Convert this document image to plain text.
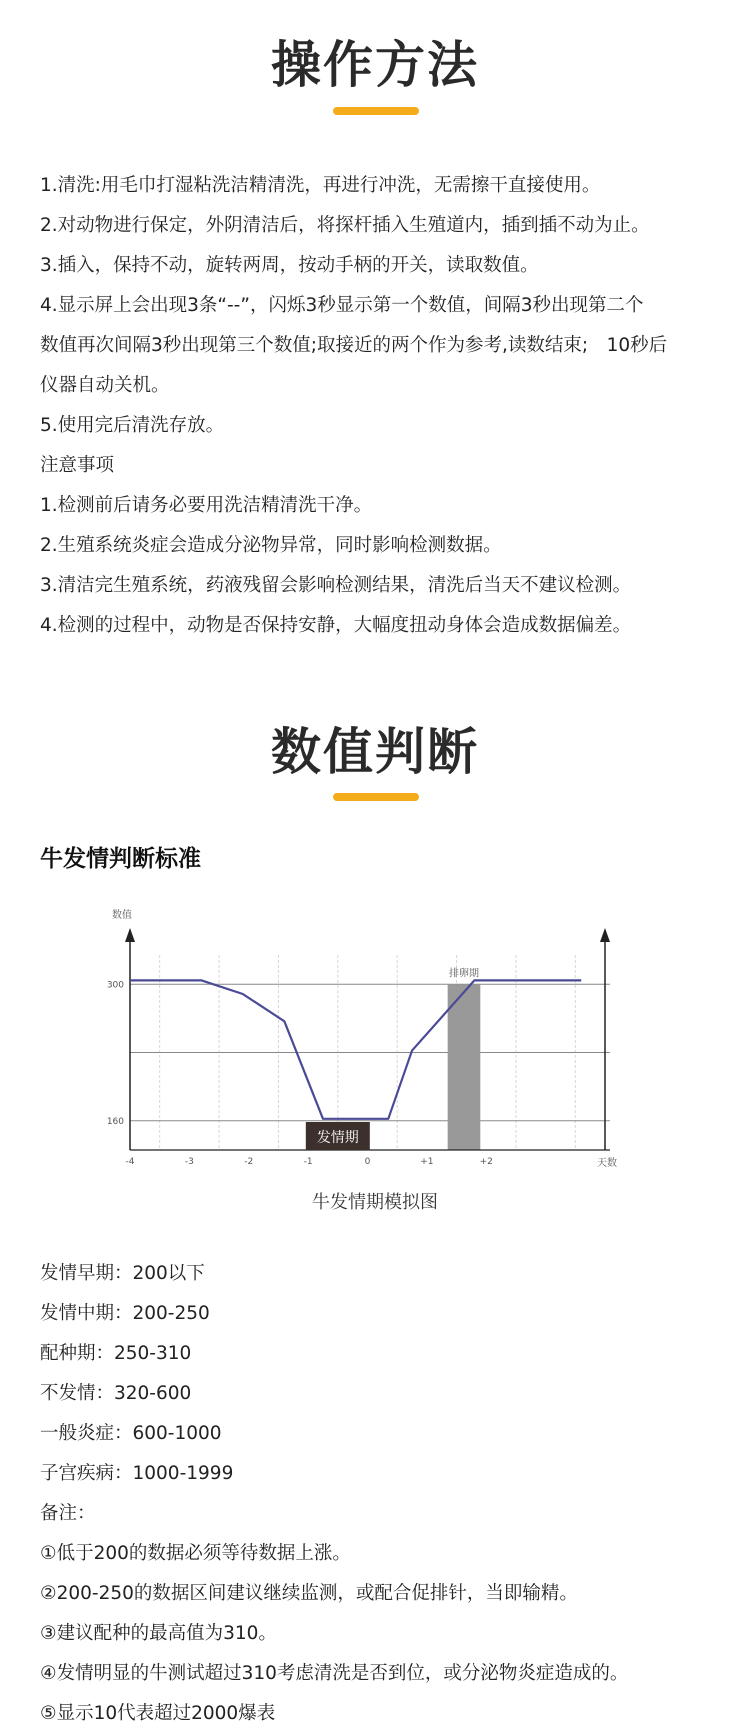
操作方法
1.清洗:用毛巾打湿粘洗洁精清洗，再进行冲洗，无需擦干直接使用。
2.对动物进行保定，外阴清洁后，将探杆插入生殖道内，插到插不动为止。
3.插入，保持不动，旋转两周，按动手柄的开关，读取数值。
4.显示屏上会出现3条“--”，闪烁3秒显示第一个数值，间隔3秒出现第二个
数值再次间隔3秒出现第三个数值;取接近的两个作为参考,读数结束;　10秒后
仪器自动关机。
5.使用完后清洗存放。
注意事项
1.检测前后请务必要用洗洁精清洗干净。
2.生殖系统炎症会造成分泌物异常，同时影响检测数据。
3.清洁完生殖系统，药液残留会影响检测结果，清洗后当天不建议检测。
4.检测的过程中，动物是否保持安静，大幅度扭动身体会造成数据偏差。
数值判断
牛发情判断标准
排卵期
数值
天数
300
160
-4	-3	-2	-1	0	+1	+2
发情期
牛发情期模拟图
发情早期：200以下
发情中期：200-250
配种期：250-310
不发情：320-600
一般炎症：600-1000
子宫疾病：1000-1999
备注：
①低于200的数据必须等待数据上涨。
②200-250的数据区间建议继续监测，或配合促排针，当即输精。
③建议配种的最高值为310。
④发情明显的牛测试超过310考虑清洗是否到位，或分泌物炎症造成的。
⑤显示10代表超过2000爆表
